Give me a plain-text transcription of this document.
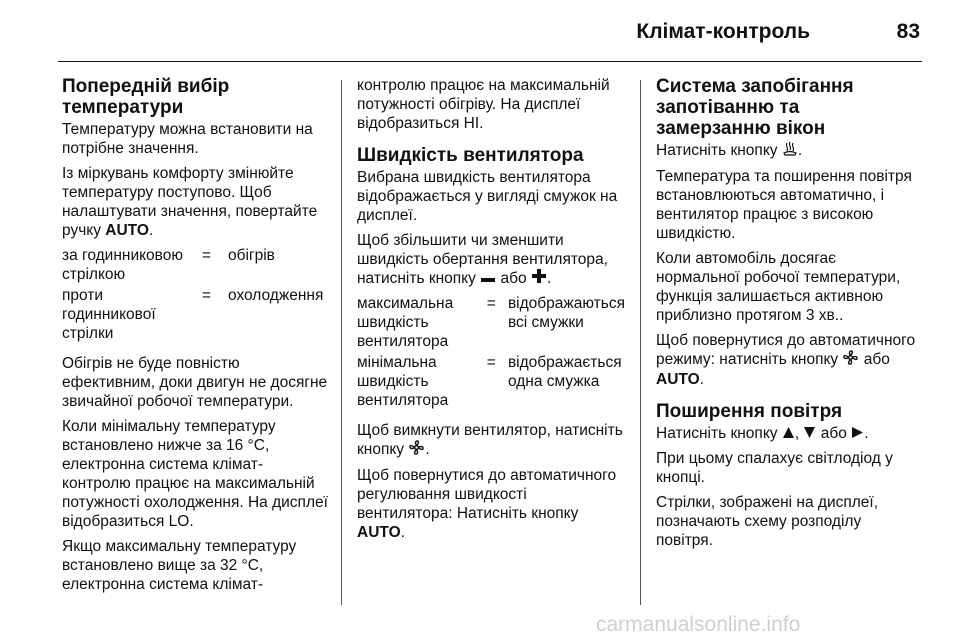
Клімат-контроль	83
Попередній вибір температури

Температуру можна встановити на потрібне значення.

Із міркувань комфорту змінюйте температуру поступово. Щоб налаштувати значення, повертайте ручку AUTO.

за годинниковою стрілкою	=	обігрів
проти годинникової стрілки	=	охолодження

Обігрів не буде повністю ефективним, доки двигун не досягне звичайної робочої температури.

Коли мінімальну температуру встановлено нижче за 16 °C, електронна система клімат-контролю працює на максимальній потужності охолодження. На дисплеї відобразиться LO.

Якщо максимальну температуру встановлено вище за 32 °C, електронна система клімат-

контролю працює на максимальній потужності обігріву. На дисплеї відобразиться HI.

Швидкість вентилятора

Вибрана швидкість вентилятора відображається у вигляді смужок на дисплеї.

Щоб збільшити чи зменшити швидкість обертання вентилятора, натисніть кнопку  або .

максимальна швидкість вентилятора	=	відображаються всі смужки
мінімальна швидкість вентилятора	=	відображається одна смужка

Щоб вимкнути вентилятор, натисніть кнопку .

Щоб повернутися до автоматичного регулювання швидкості вентилятора: Натисніть кнопку AUTO.

Система запобігання запотіванню та замерзанню вікон

Натисніть кнопку .

Температура та поширення повітря встановлюються автоматично, і вентилятор працює з високою швидкістю.

Коли автомобіль досягає нормальної робочої температури, функція залишається активною приблизно протягом 3 хв..

Щоб повернутися до автоматичного режиму: натисніть кнопку  або AUTO.

Поширення повітря

Натисніть кнопку ,  або .

При цьому спалахує світлодіод у кнопці.

Стрілки, зображені на дисплеї, позначають схему розподілу повітря.

carmanualsonline.info
